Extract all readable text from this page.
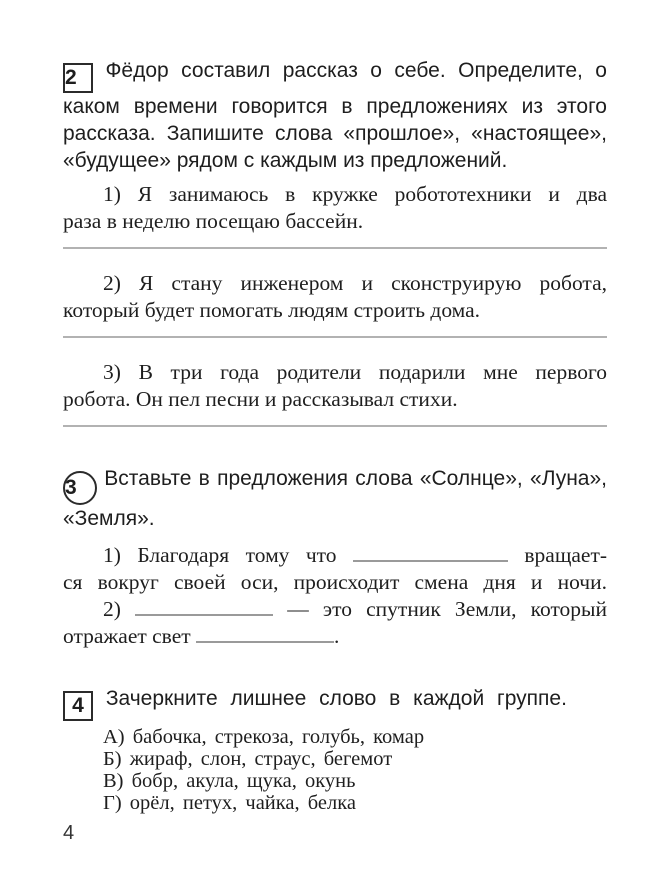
2 Фёдор составил рассказ о себе. Определите, о
каком времени говорится в предложениях из этого
рассказа. Запишите слова «прошлое», «настоящее»,
«будущее» рядом с каждым из предложений.
1) Я занимаюсь в кружке робототехники и два
раза в неделю посещаю бассейн.
2) Я стану инженером и сконструирую робота,
который будет помогать людям строить дома.
3) В три года родители подарили мне первого
робота. Он пел песни и рассказывал стихи.
3 Вставьте в предложения слова «Солнце», «Луна»,
«Земля».
1) Благодаря тому что	вращает-
ся вокруг своей оси, происходит смена дня и ночи.
2)	— это спутник Земли, который
отражает свет	.
4 Зачеркните лишнее слово в каждой группе.
А) бабочка, стрекоза, голубь, комар
Б) жираф, слон, страус, бегемот
В) бобр, акула, щука, окунь
Г) орёл, петух, чайка, белка
4
